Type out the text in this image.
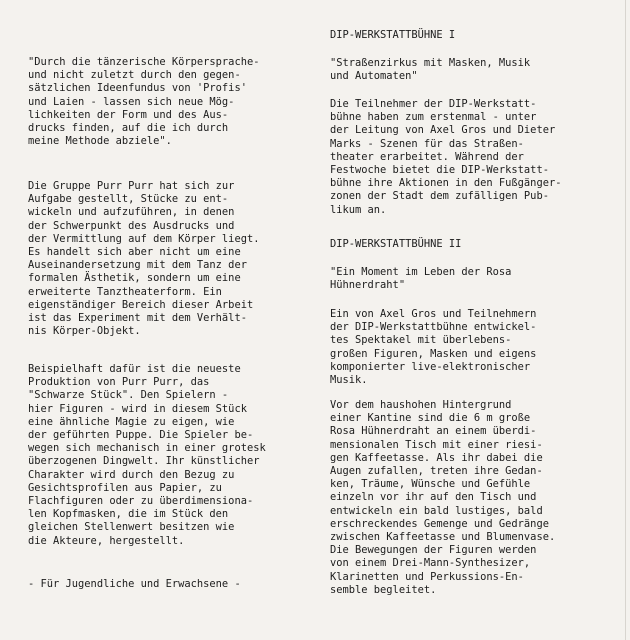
"Durch die tänzerische Körpersprache-
und nicht zuletzt durch den gegen-
sätzlichen Ideenfundus von 'Profis'
und Laien - lassen sich neue Mög-
lichkeiten der Form und des Aus-
drucks finden, auf die ich durch
meine Methode abziele".

Die Gruppe Purr Purr hat sich zur
Aufgabe gestellt, Stücke zu ent-
wickeln und aufzuführen, in denen
der Schwerpunkt des Ausdrucks und
der Vermittlung auf dem Körper liegt.
Es handelt sich aber nicht um eine
Auseinandersetzung mit dem Tanz der
formalen Ästhetik, sondern um eine
erweiterte Tanztheaterform. Ein
eigenständiger Bereich dieser Arbeit
ist das Experiment mit dem Verhält-
nis Körper-Objekt.

Beispielhaft dafür ist die neueste
Produktion von Purr Purr, das
"Schwarze Stück". Den Spielern -
hier Figuren - wird in diesem Stück
eine ähnliche Magie zu eigen, wie
der geführten Puppe. Die Spieler be-
wegen sich mechanisch in einer grotesk
überzogenen Dingwelt. Ihr künstlicher
Charakter wird durch den Bezug zu
Gesichtsprofilen aus Papier, zu
Flachfiguren oder zu überdimensiona-
len Kopfmasken, die im Stück den
gleichen Stellenwert besitzen wie
die Akteure, hergestellt.

- Für Jugendliche und Erwachsene -

DIP-WERKSTATTBÜHNE I

"Straßenzirkus mit Masken, Musik
und Automaten"

Die Teilnehmer der DIP-Werkstatt-
bühne haben zum erstenmal - unter
der Leitung von Axel Gros und Dieter
Marks - Szenen für das Straßen-
theater erarbeitet. Während der
Festwoche bietet die DIP-Werkstatt-
bühne ihre Aktionen in den Fußgänger-
zonen der Stadt dem zufälligen Pub-
likum an.

DIP-WERKSTATTBÜHNE II

"Ein Moment im Leben der Rosa
Hühnerdraht"

Ein von Axel Gros und Teilnehmern
der DIP-Werkstattbühne entwickel-
tes Spektakel mit überlebens-
großen Figuren, Masken und eigens
komponierter live-elektronischer
Musik.

Vor dem haushohen Hintergrund
einer Kantine sind die 6 m große
Rosa Hühnerdraht an einem überdi-
mensionalen Tisch mit einer riesi-
gen Kaffeetasse. Als ihr dabei die
Augen zufallen, treten ihre Gedan-
ken, Träume, Wünsche und Gefühle
einzeln vor ihr auf den Tisch und
entwickeln ein bald lustiges, bald
erschreckendes Gemenge und Gedränge
zwischen Kaffeetasse und Blumenvase.
Die Bewegungen der Figuren werden
von einem Drei-Mann-Synthesizer,
Klarinetten und Perkussions-En-
semble begleitet.
